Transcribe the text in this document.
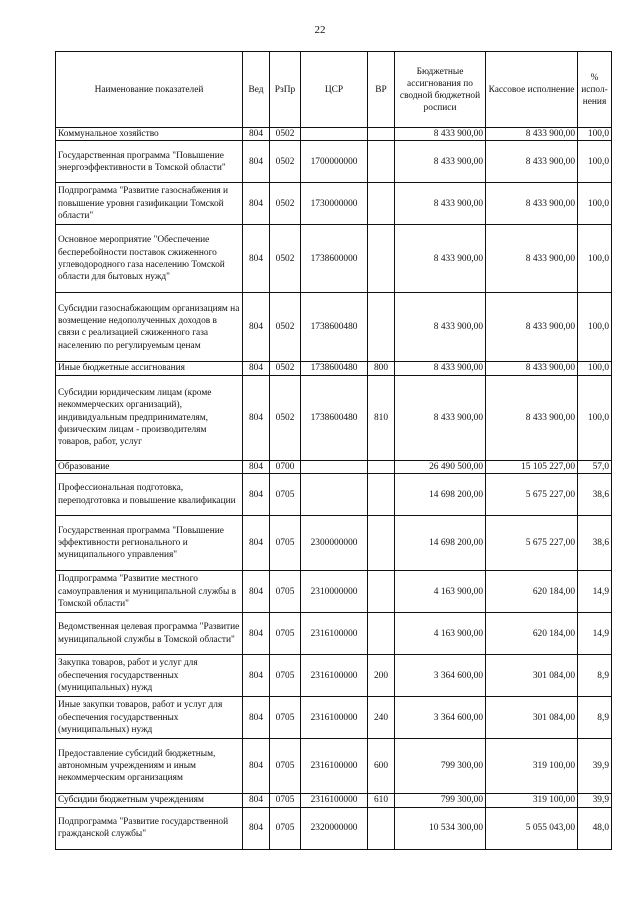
22
Наименование показателей	Вед	РзПр	ЦСР	ВР	Бюджетные ассигнования по сводной бюджетной росписи	Кассовое исполнение	% испол-нения
Коммунальное хозяйство	804	0502			8 433 900,00	8 433 900,00	100,0
Государственная программа "Повышение энергоэффективности в Томской области"	804	0502	1700000000		8 433 900,00	8 433 900,00	100,0
Подпрограмма "Развитие газоснабжения и повышение уровня газификации Томской области"	804	0502	1730000000		8 433 900,00	8 433 900,00	100,0
Основное мероприятие "Обеспечение бесперебойности поставок сжиженного углеводородного газа населению Томской области для бытовых нужд"	804	0502	1738600000		8 433 900,00	8 433 900,00	100,0
Субсидии газоснабжающим организациям на возмещение недополученных доходов в связи с реализацией сжиженного газа населению по регулируемым ценам	804	0502	1738600480		8 433 900,00	8 433 900,00	100,0
Иные бюджетные ассигнования	804	0502	1738600480	800	8 433 900,00	8 433 900,00	100,0
Субсидии юридическим лицам (кроме некоммерческих организаций), индивидуальным предпринимателям, физическим лицам - производителям товаров, работ, услуг	804	0502	1738600480	810	8 433 900,00	8 433 900,00	100,0
Образование	804	0700			26 490 500,00	15 105 227,00	57,0
Профессиональная подготовка, переподготовка и повышение квалификации	804	0705			14 698 200,00	5 675 227,00	38,6
Государственная программа "Повышение эффективности регионального и муниципального управления"	804	0705	2300000000		14 698 200,00	5 675 227,00	38,6
Подпрограмма "Развитие местного самоуправления и муниципальной службы в Томской области"	804	0705	2310000000		4 163 900,00	620 184,00	14,9
Ведомственная целевая программа "Развитие муниципальной службы в Томской области"	804	0705	2316100000		4 163 900,00	620 184,00	14,9
Закупка товаров, работ и услуг для обеспечения государственных (муниципальных) нужд	804	0705	2316100000	200	3 364 600,00	301 084,00	8,9
Иные закупки товаров, работ и услуг для обеспечения государственных (муниципальных) нужд	804	0705	2316100000	240	3 364 600,00	301 084,00	8,9
Предоставление субсидий бюджетным, автономным учреждениям и иным некоммерческим организациям	804	0705	2316100000	600	799 300,00	319 100,00	39,9
Субсидии бюджетным учреждениям	804	0705	2316100000	610	799 300,00	319 100,00	39,9
Подпрограмма "Развитие государственной гражданской службы"	804	0705	2320000000		10 534 300,00	5 055 043,00	48,0
